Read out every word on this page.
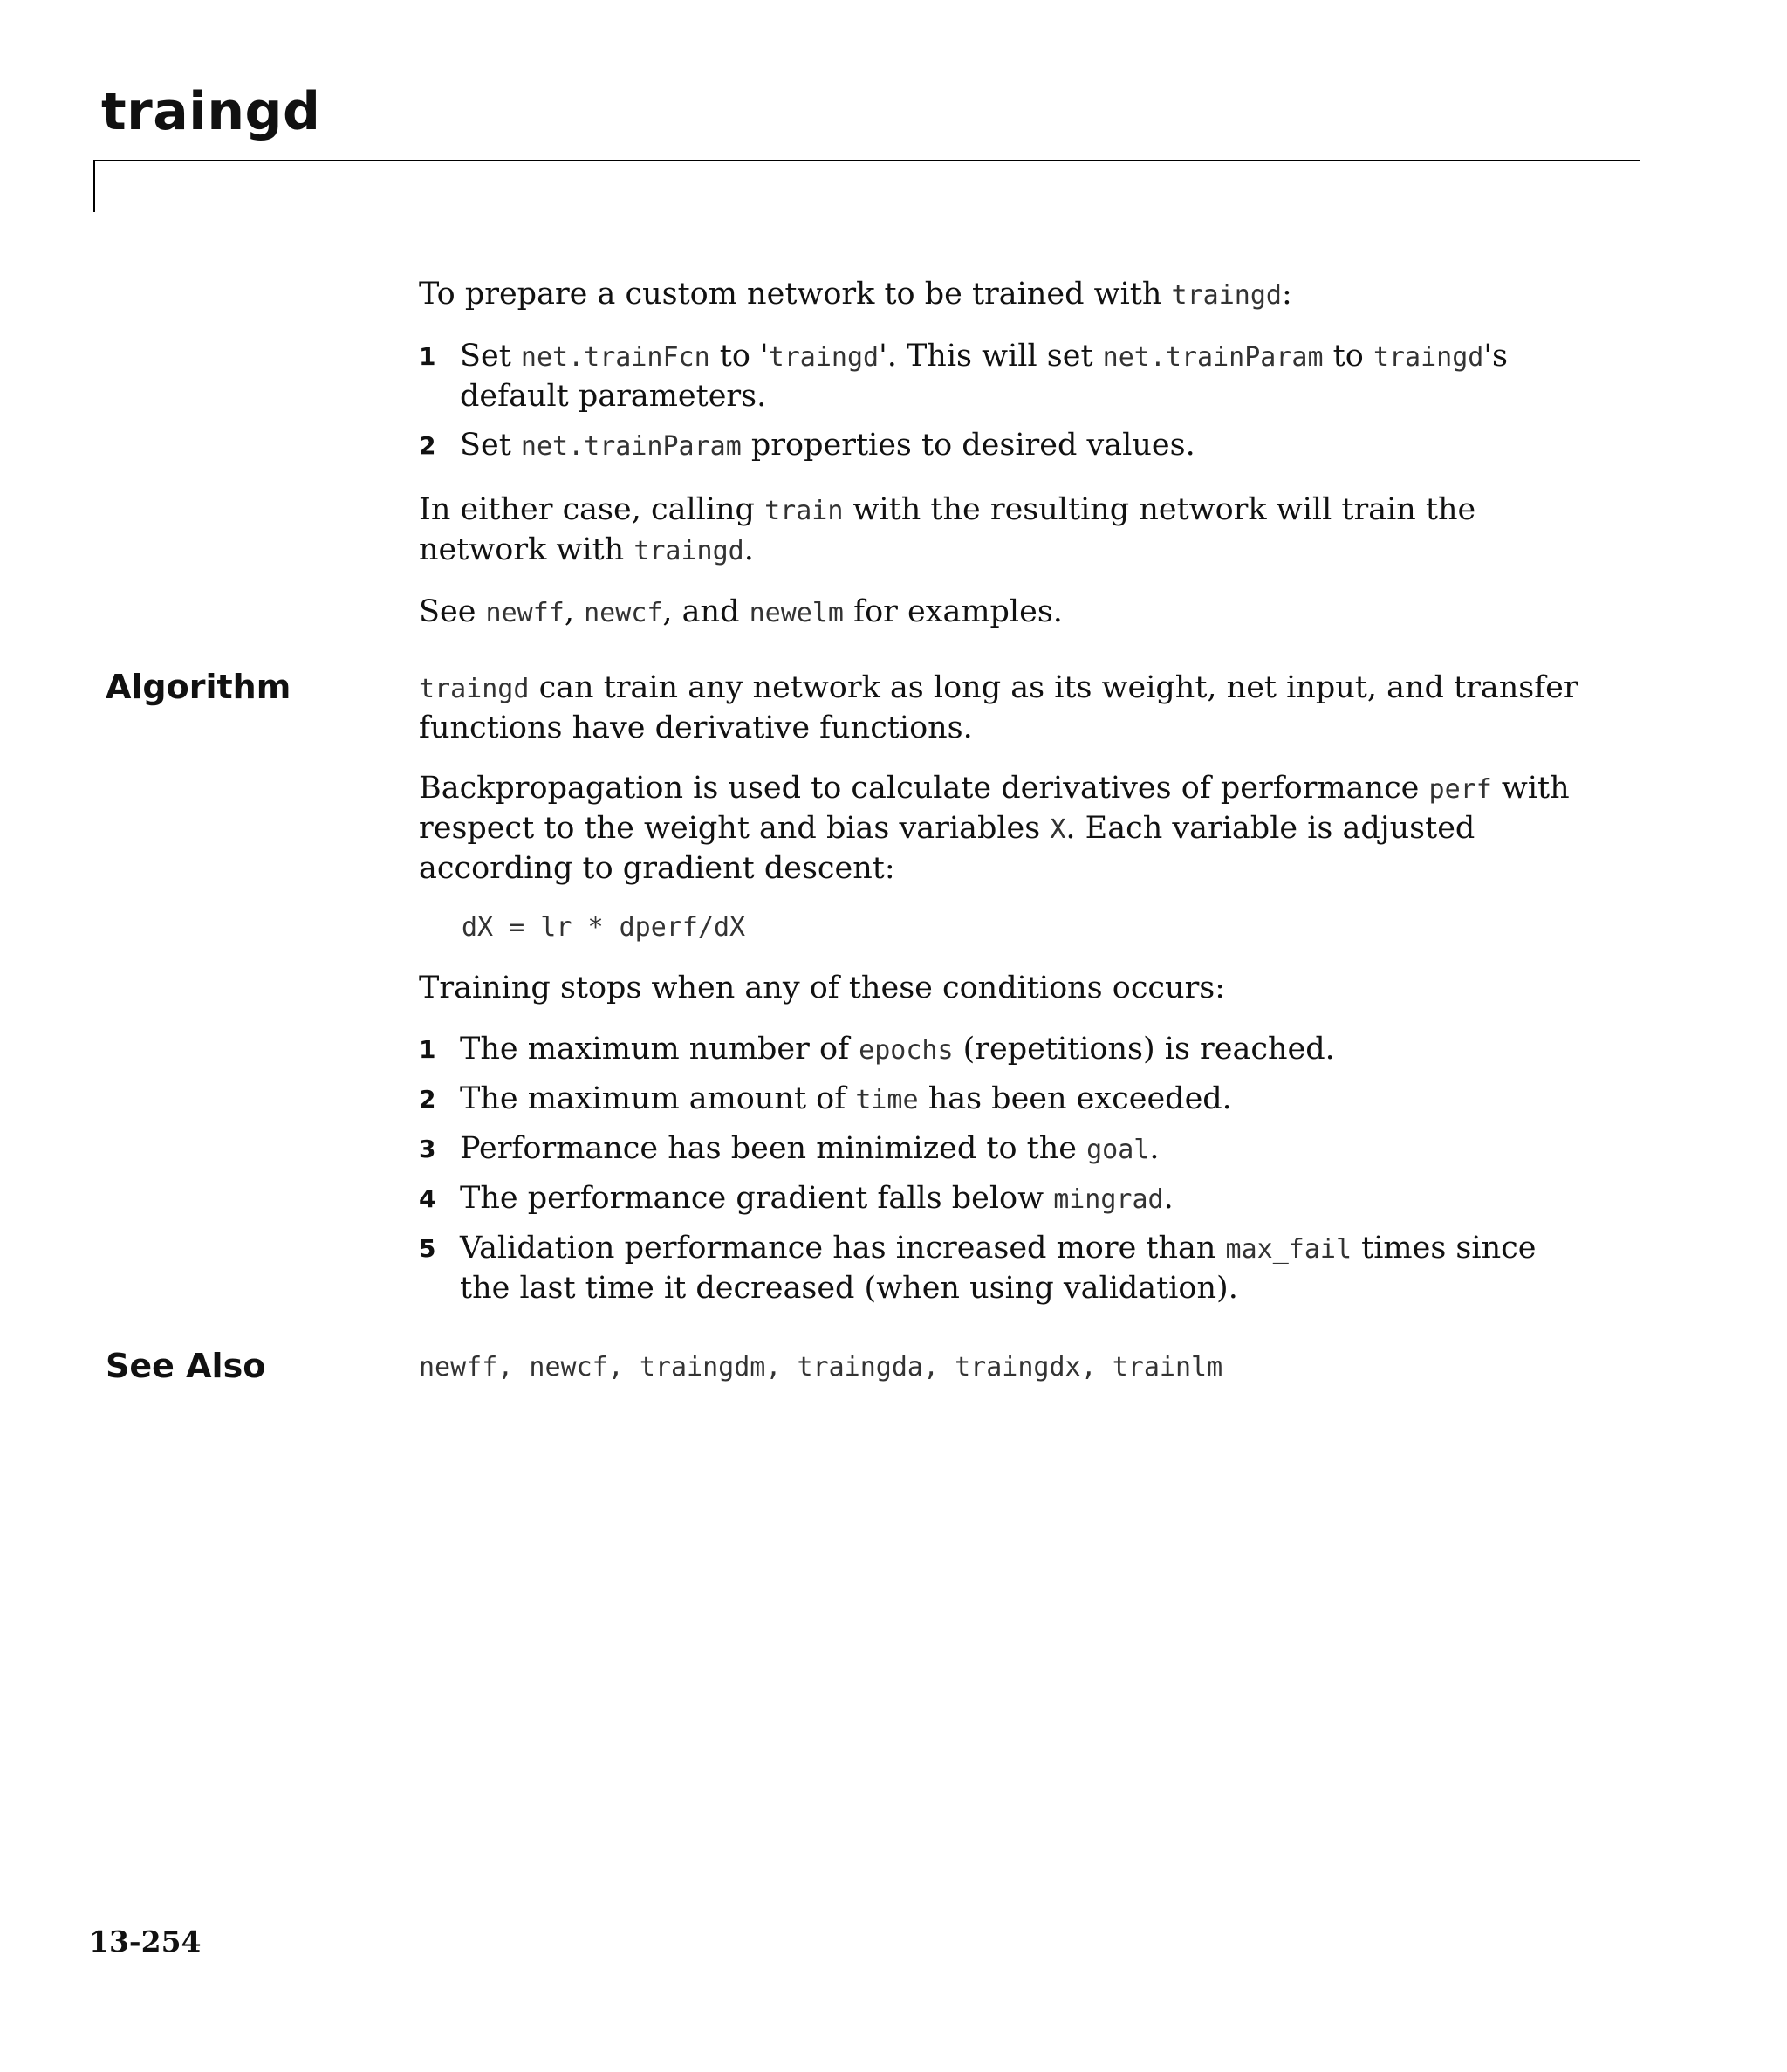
traingd

To prepare a custom network to be trained with traingd:

1 Set net.trainFcn to 'traingd'. This will set net.trainParam to traingd's default parameters.
2 Set net.trainParam properties to desired values.

In either case, calling train with the resulting network will train the network with traingd.

See newff, newcf, and newelm for examples.

Algorithm	traingd can train any network as long as its weight, net input, and transfer functions have derivative functions.

Backpropagation is used to calculate derivatives of performance perf with respect to the weight and bias variables X. Each variable is adjusted according to gradient descent:

dX = lr * dperf/dX

Training stops when any of these conditions occurs:

1 The maximum number of epochs (repetitions) is reached.
2 The maximum amount of time has been exceeded.
3 Performance has been minimized to the goal.
4 The performance gradient falls below mingrad.
5 Validation performance has increased more than max_fail times since the last time it decreased (when using validation).
See Also	newff, newcf, traingdm, traingda, traingdx, trainlm

13-254
